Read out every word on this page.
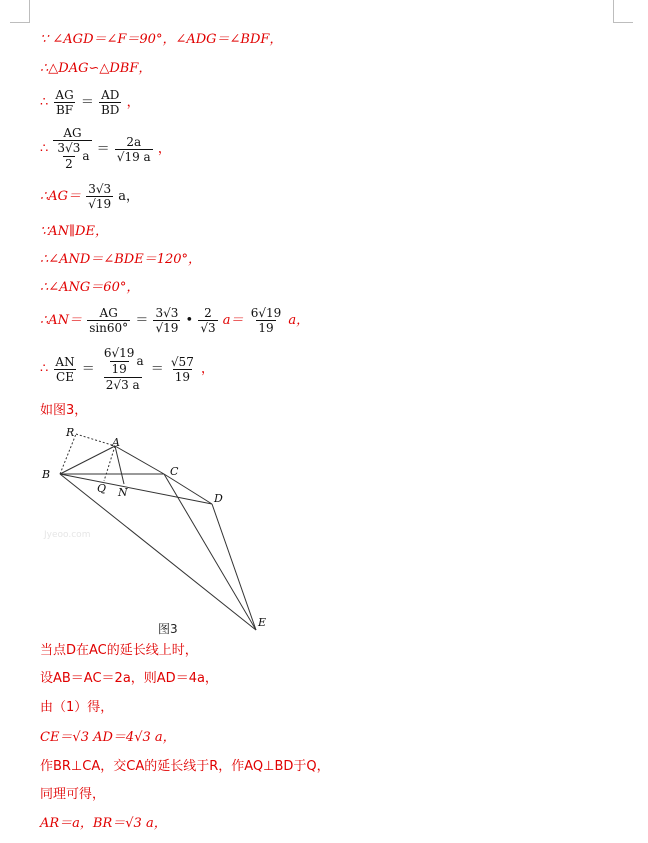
∵ ∠AGD＝∠F＝90°，∠ADG＝∠BDF，
∴△DAG∽△DBF，
∴ $\frac{AG}{BF} = \frac{AD}{BD}$ ，
∴ $\frac{AG}{\frac{3√3}{2} a} = \frac{2a}{√19 a}$ ，
∴AG＝ $\frac{3√3}{√19}$ a，
∵AN∥DE，
∴∠AND＝∠BDE＝120°，
∴∠ANG＝60°，
∴AN＝ $\frac{AG}{\sin 60^\circ} = \frac{3√3}{√19}$ • $\frac{2}{√3} a= \frac{6√19}{19}$ a，
∴ $\frac{AN}{CE} = \frac{\frac{6√19}{19} a}{2√3 a} = \frac{√57}{19}$ ，
如图3，
R
A
B
Q N
C
D
E
Jyeoo.com
图3
当点D在AC的延长线上时，
设AB＝AC＝2a，则AD＝4a，
由（1）得，
CE＝√3 AD＝4√3 a，
作BR⊥CA，交CA的延长线于R，作AQ⊥BD于Q，
同理可得，
AR＝a，BR＝√3 a，
